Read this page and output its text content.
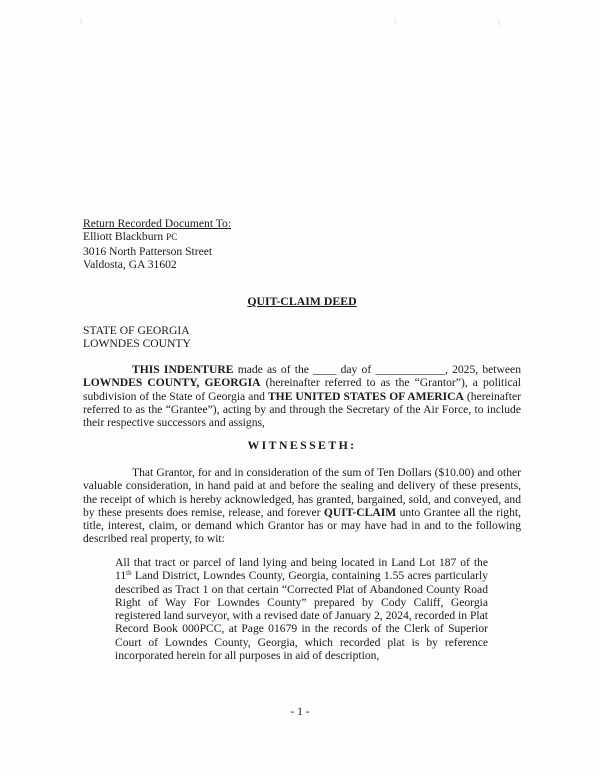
Return Recorded Document To:
Elliott Blackburn PC
3016 North Patterson Street
Valdosta, GA 31602
QUIT-CLAIM DEED
STATE OF GEORGIA
LOWNDES COUNTY

THIS INDENTURE made as of the ____ day of ____________, 2025, between LOWNDES COUNTY, GEORGIA (hereinafter referred to as the “Grantor”), a political subdivision of the State of Georgia and THE UNITED STATES OF AMERICA (hereinafter referred to as the “Grantee”), acting by and through the Secretary of the Air Force, to include their respective successors and assigns,

WITNESSETH:

That Grantor, for and in consideration of the sum of Ten Dollars ($10.00) and other valuable consideration, in hand paid at and before the sealing and delivery of these presents, the receipt of which is hereby acknowledged, has granted, bargained, sold, and conveyed, and by these presents does remise, release, and forever QUIT-CLAIM unto Grantee all the right, title, interest, claim, or demand which Grantor has or may have had in and to the following described real property, to wit:

All that tract or parcel of land lying and being located in Land Lot 187 of the 11th Land District, Lowndes County, Georgia, containing 1.55 acres particularly described as Tract 1 on that certain “Corrected Plat of Abandoned County Road Right of Way For Lowndes County” prepared by Cody Califf, Georgia registered land surveyor, with a revised date of January 2, 2024, recorded in Plat Record Book 000PCC, at Page 01679 in the records of the Clerk of Superior Court of Lowndes County, Georgia, which recorded plat is by reference incorporated herein for all purposes in aid of description,

- 1 -
